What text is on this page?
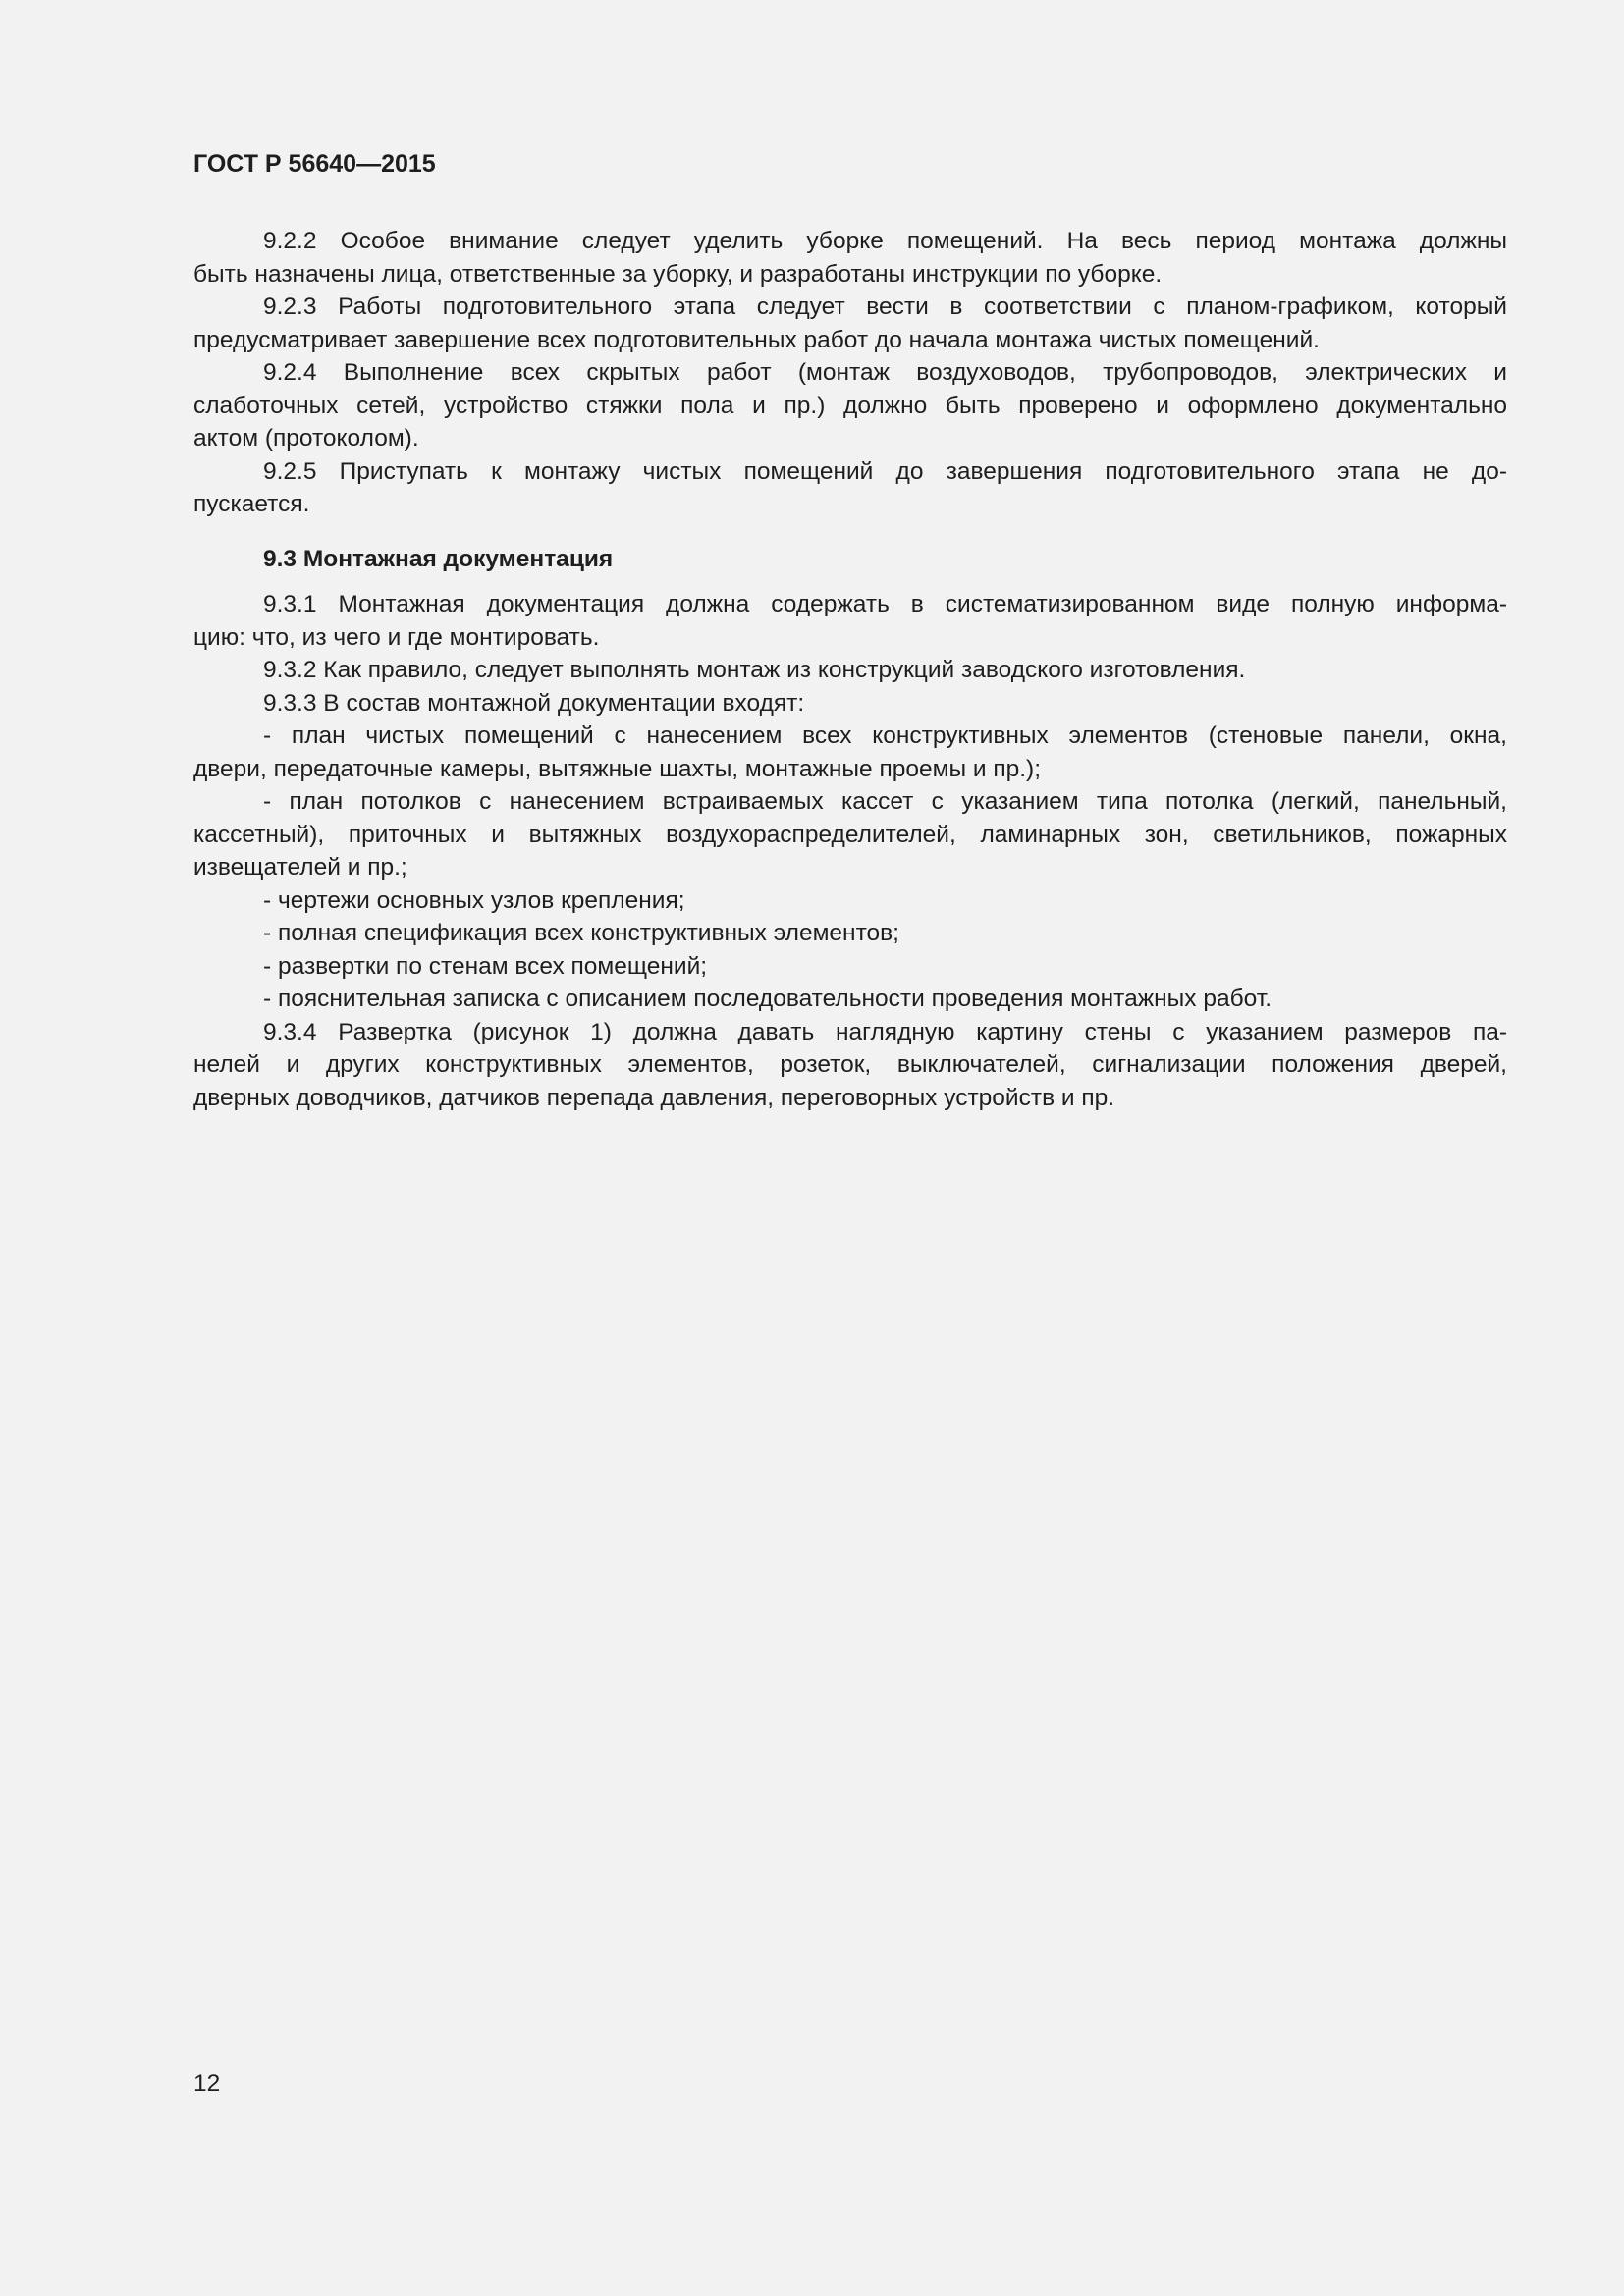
ГОСТ Р 56640—2015
9.2.2 Особое внимание следует уделить уборке помещений. На весь период монтажа должны
быть назначены лица, ответственные за уборку, и разработаны инструкции по уборке.
9.2.3 Работы подготовительного этапа следует вести в соответствии с планом-графиком, который
предусматривает завершение всех подготовительных работ до начала монтажа чистых помещений.
9.2.4 Выполнение всех скрытых работ (монтаж воздуховодов, трубопроводов, электрических и
слаботочных сетей, устройство стяжки пола и пр.) должно быть проверено и оформлено документально
актом (протоколом).
9.2.5 Приступать к монтажу чистых помещений до завершения подготовительного этапа не до-
пускается.
9.3 Монтажная документация
9.3.1 Монтажная документация должна содержать в систематизированном виде полную информа-
цию: что, из чего и где монтировать.
9.3.2 Как правило, следует выполнять монтаж из конструкций заводского изготовления.
9.3.3 В состав монтажной документации входят:
- план чистых помещений с нанесением всех конструктивных элементов (стеновые панели, окна,
двери, передаточные камеры, вытяжные шахты, монтажные проемы и пр.);
- план потолков с нанесением встраиваемых кассет с указанием типа потолка (легкий, панельный,
кассетный), приточных и вытяжных воздухораспределителей, ламинарных зон, светильников, пожарных
извещателей и пр.;
- чертежи основных узлов крепления;
- полная спецификация всех конструктивных элементов;
- развертки по стенам всех помещений;
- пояснительная записка с описанием последовательности проведения монтажных работ.
9.3.4 Развертка (рисунок 1) должна давать наглядную картину стены с указанием размеров па-
нелей и других конструктивных элементов, розеток, выключателей, сигнализации положения дверей,
дверных доводчиков, датчиков перепада давления, переговорных устройств и пр.
12
